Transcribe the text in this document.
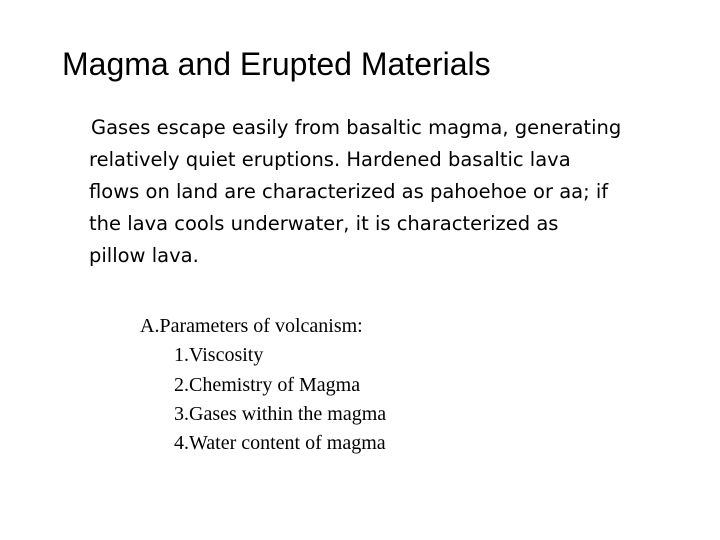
Magma and Erupted Materials
Gases escape easily from basaltic magma, generating
relatively quiet eruptions. Hardened basaltic lava
flows on land are characterized as pahoehoe or aa; if
the lava cools underwater, it is characterized as
pillow lava.
A.Parameters of volcanism:
1.Viscosity
2.Chemistry of Magma
3.Gases within the magma
4.Water content of magma
